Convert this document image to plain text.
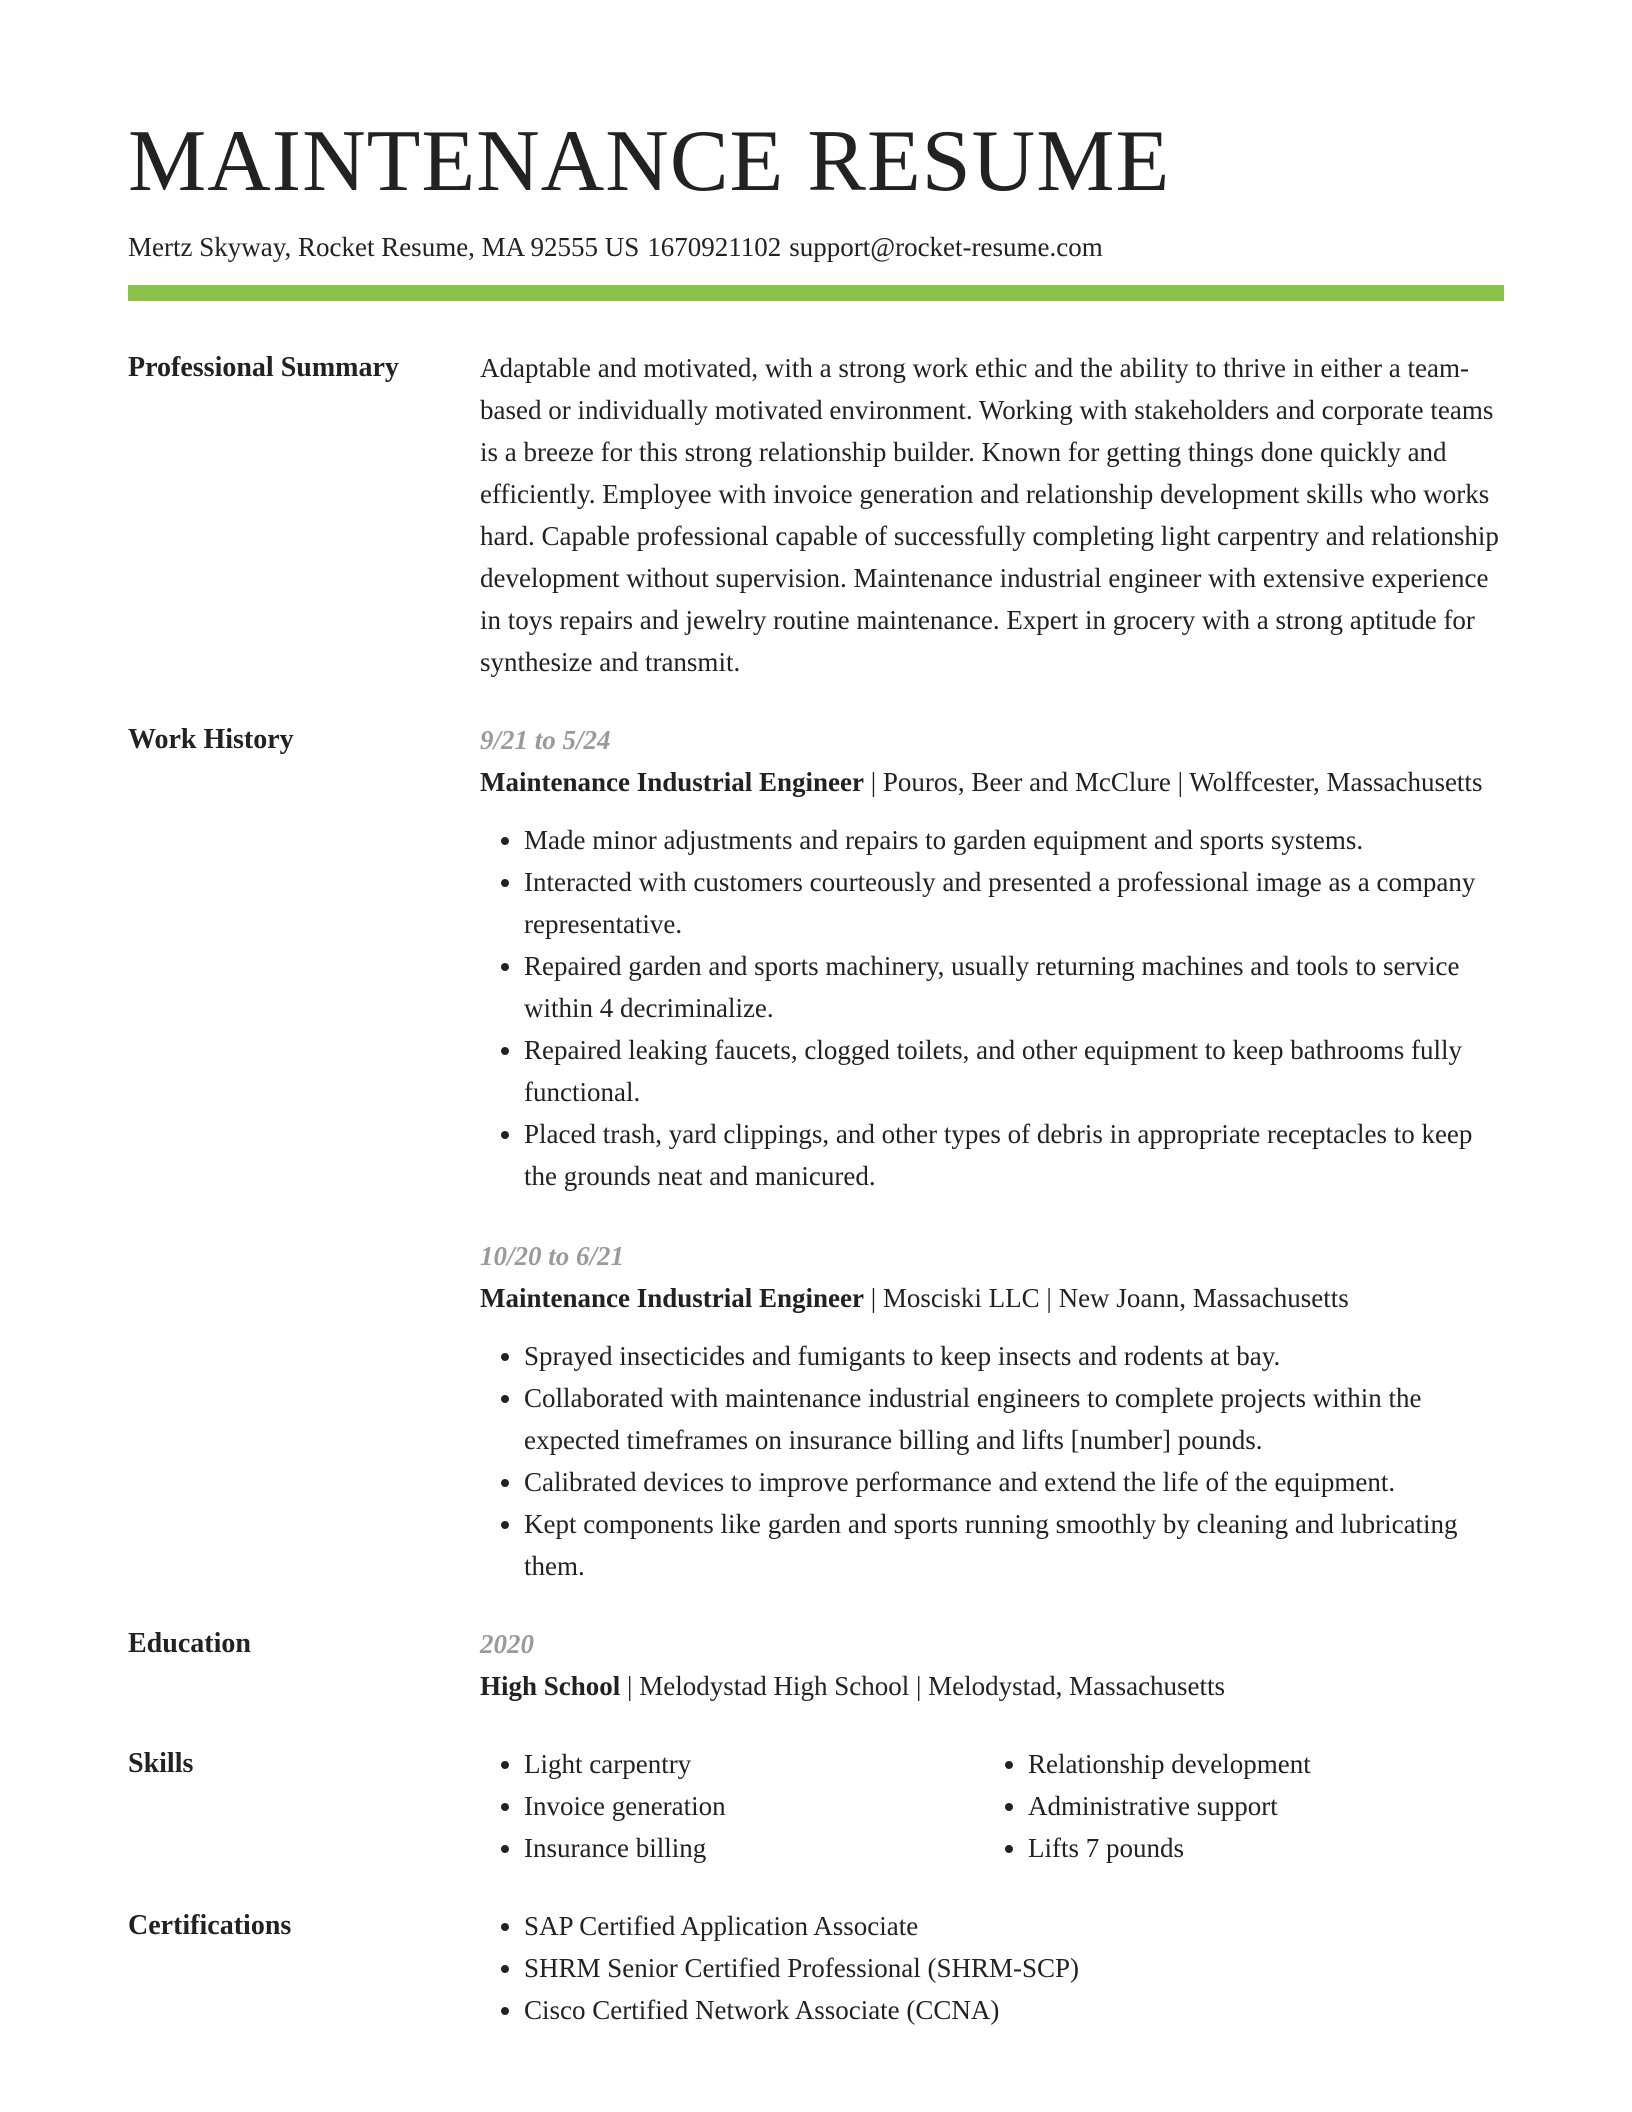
MAINTENANCE RESUME
Mertz Skyway, Rocket Resume, MA 92555 US 1670921102 support@rocket-resume.com
Professional Summary	Adaptable and motivated, with a strong work ethic and the ability to thrive in either a team-based or individually motivated environment. Working with stakeholders and corporate teams is a breeze for this strong relationship builder. Known for getting things done quickly and efficiently. Employee with invoice generation and relationship development skills who works hard. Capable professional capable of successfully completing light carpentry and relationship development without supervision. Maintenance industrial engineer with extensive experience in toys repairs and jewelry routine maintenance. Expert in grocery with a strong aptitude for synthesize and transmit.

Work History	9/21 to 5/24
Maintenance Industrial Engineer | Pouros, Beer and McClure | Wolffcester, Massachusetts
• Made minor adjustments and repairs to garden equipment and sports systems.
• Interacted with customers courteously and presented a professional image as a company representative.
• Repaired garden and sports machinery, usually returning machines and tools to service within 4 decriminalize.
• Repaired leaking faucets, clogged toilets, and other equipment to keep bathrooms fully functional.
• Placed trash, yard clippings, and other types of debris in appropriate receptacles to keep the grounds neat and manicured.
10/20 to 6/21
Maintenance Industrial Engineer | Mosciski LLC | New Joann, Massachusetts
• Sprayed insecticides and fumigants to keep insects and rodents at bay.
• Collaborated with maintenance industrial engineers to complete projects within the expected timeframes on insurance billing and lifts [number] pounds.
• Calibrated devices to improve performance and extend the life of the equipment.
• Kept components like garden and sports running smoothly by cleaning and lubricating them.
Education	2020
High School | Melodystad High School | Melodystad, Massachusetts
Skills	• Light carpentry
• Invoice generation
• Insurance billing
• Relationship development
• Administrative support
• Lifts 7 pounds
Certifications	• SAP Certified Application Associate
• SHRM Senior Certified Professional (SHRM-SCP)
• Cisco Certified Network Associate (CCNA)
